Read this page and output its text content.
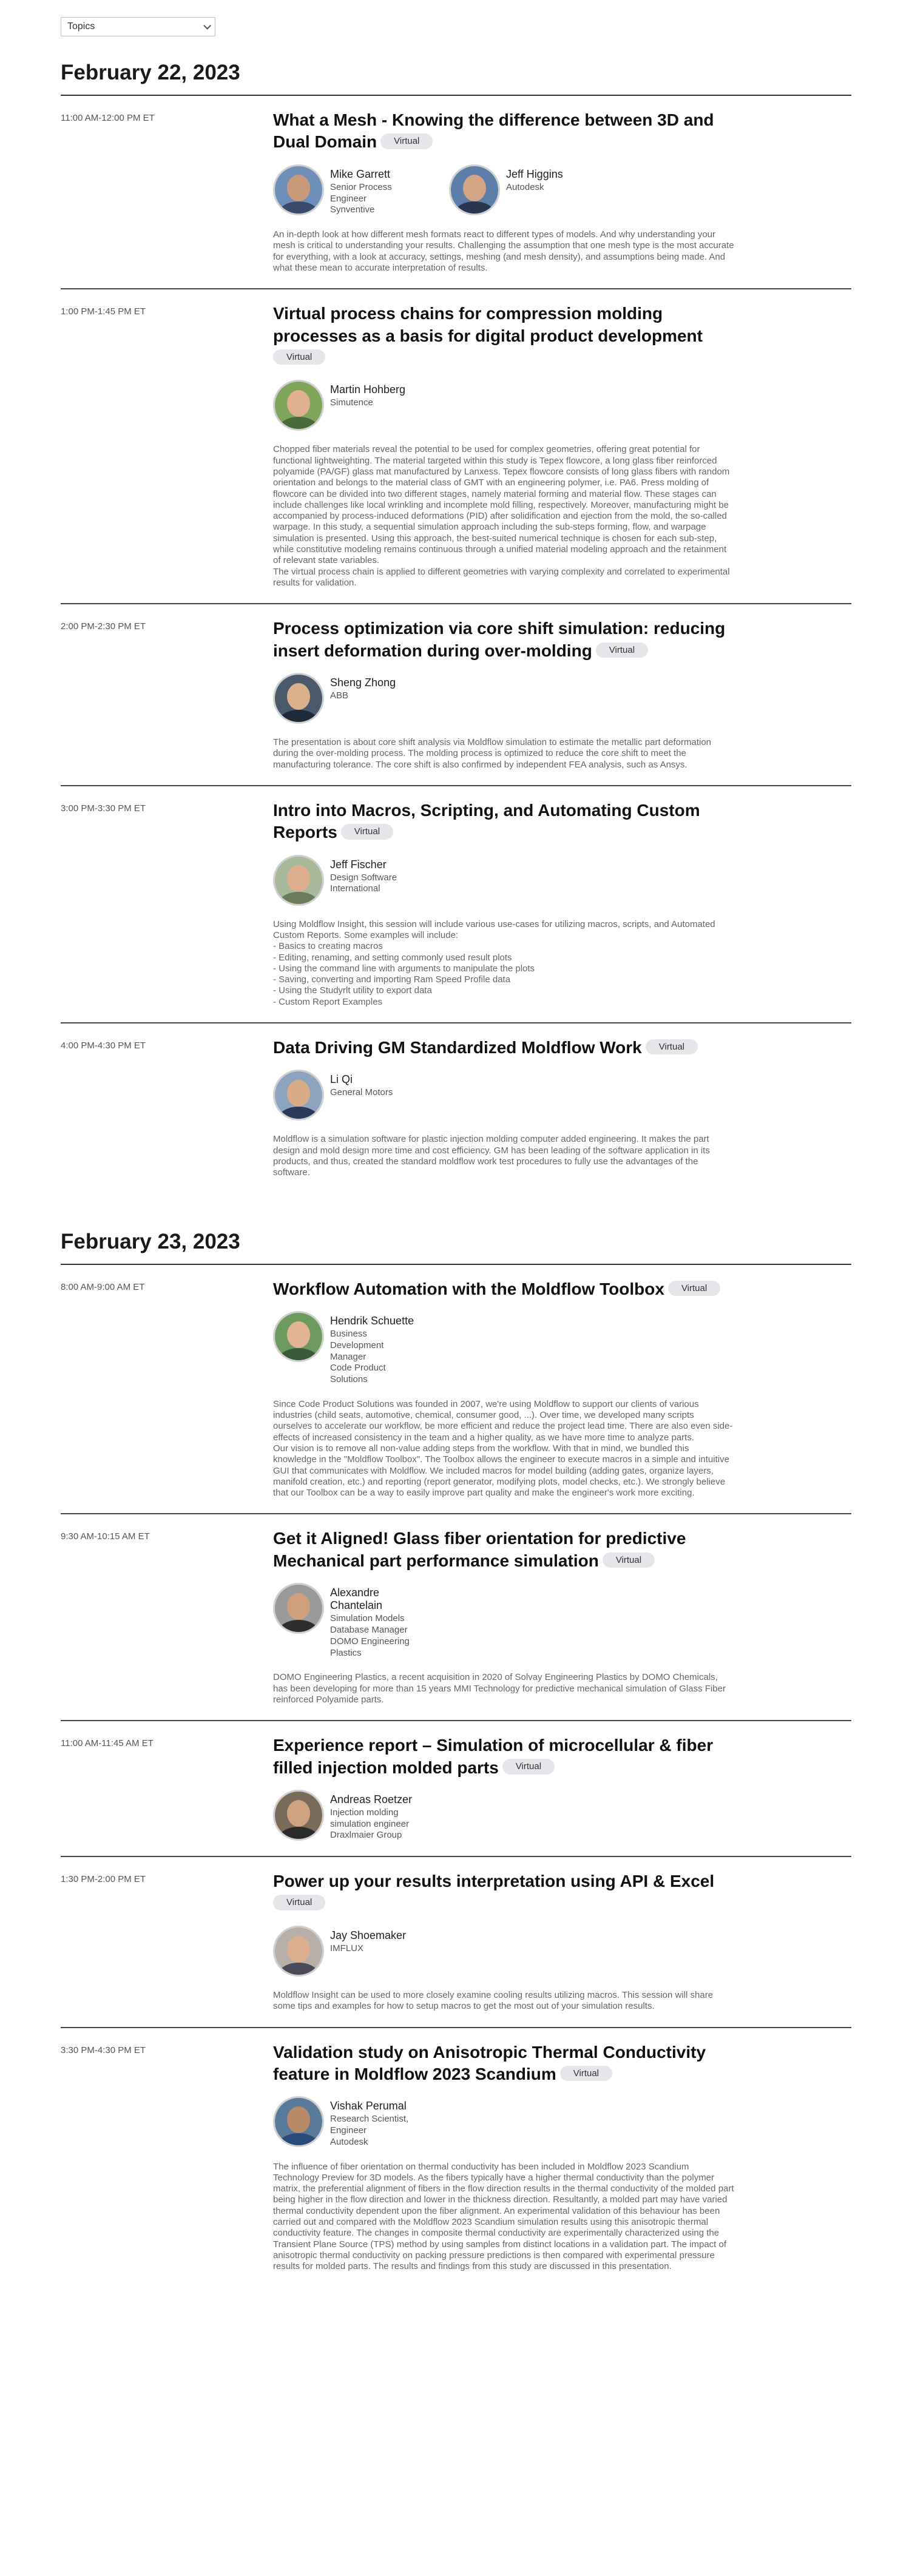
Topics
February 22, 2023
11:00 AM-12:00 PM ET	What a Mesh - Knowing the difference between 3D and Dual Domain Virtual
Mike Garrett
Senior Process
Engineer
Synventive
Jeff Higgins
Autodesk
An in-depth look at how different mesh formats react to different types of models. And why understanding your mesh is critical to understanding your results. Challenging the assumption that one mesh type is the most accurate for everything, with a look at accuracy, settings, meshing (and mesh density), and assumptions being made. And what these mean to accurate interpretation of results.
1:00 PM-1:45 PM ET	Virtual process chains for compression molding processes as a basis for digital product developmentVirtual
Martin Hohberg
Simutence
Chopped fiber materials reveal the potential to be used for complex geometries, offering great potential for functional lightweighting. The material targeted within this study is Tepex flowcore, a long glass fiber reinforced polyamide (PA/GF) glass mat manufactured by Lanxess. Tepex flowcore consists of long glass fibers with random orientation and belongs to the material class of GMT with an engineering polymer, i.e. PA6. Press molding of flowcore can be divided into two different stages, namely material forming and material flow. These stages can include challenges like local wrinkling and incomplete mold filling, respectively. Moreover, manufacturing might be accompanied by process-induced deformations (PID) after solidification and ejection from the mold, the so-called warpage. In this study, a sequential simulation approach including the sub-steps forming, flow, and warpage simulation is presented. Using this approach, the best-suited numerical technique is chosen for each sub-step, while constitutive modeling remains continuous through a unified material modeling approach and the retainment of relevant state variables.
The virtual process chain is applied to different geometries with varying complexity and correlated to experimental results for validation.
2:00 PM-2:30 PM ET	Process optimization via core shift simulation: reducing insert deformation during over-molding Virtual
Sheng Zhong
ABB
The presentation is about core shift analysis via Moldflow simulation to estimate the metallic part deformation during the over-molding process. The molding process is optimized to reduce the core shift to meet the manufacturing tolerance. The core shift is also confirmed by independent FEA analysis, such as Ansys.
3:00 PM-3:30 PM ET	Intro into Macros, Scripting, and Automating Custom Reports Virtual
Jeff Fischer
Design Software
International
Using Moldflow Insight, this session will include various use-cases for utilizing macros, scripts, and Automated Custom Reports. Some examples will include:
- Basics to creating macros
- Editing, renaming, and setting commonly used result plots
- Using the command line with arguments to manipulate the plots
- Saving, converting and importing Ram Speed Profile data
- Using the Studyrlt utility to export data
- Custom Report Examples
4:00 PM-4:30 PM ET	Data Driving GM Standardized Moldflow Work Virtual
Li Qi
General Motors
Moldflow is a simulation software for plastic injection molding computer added engineering. It makes the part design and mold design more time and cost efficiency. GM has been leading of the software application in its products, and thus, created the standard moldflow work test procedures to fully use the advantages of the software.
February 23, 2023
8:00 AM-9:00 AM ET	Workflow Automation with the Moldflow Toolbox Virtual
Hendrik Schuette
Business
Development
Manager
Code Product
Solutions
Since Code Product Solutions was founded in 2007, we're using Moldflow to support our clients of various industries (child seats, automotive, chemical, consumer good, ...). Over time, we developed many scripts ourselves to accelerate our workflow, be more efficient and reduce the project lead time. There are also even side-effects of increased consistency in the team and a higher quality, as we have more time to analyze parts.
Our vision is to remove all non-value adding steps from the workflow. With that in mind, we bundled this knowledge in the "Moldflow Toolbox". The Toolbox allows the engineer to execute macros in a simple and intuitive GUI that communicates with Moldflow. We included macros for model building (adding gates, organize layers, manifold creation, etc.) and reporting (report generator, modifying plots, model checks, etc.). We strongly believe that our Toolbox can be a way to easily improve part quality and make the engineer's work more exciting.
9:30 AM-10:15 AM ET	Get it Aligned! Glass fiber orientation for predictive Mechanical part performance simulation Virtual
Alexandre
Chantelain
Simulation Models
Database Manager
DOMO Engineering
Plastics
DOMO Engineering Plastics, a recent acquisition in 2020 of Solvay Engineering Plastics by DOMO Chemicals, has been developing for more than 15 years MMI Technology for predictive mechanical simulation of Glass Fiber reinforced Polyamide parts.
11:00 AM-11:45 AM ET	Experience report – Simulation of microcellular & fiber filled injection molded parts Virtual
Andreas Roetzer
Injection molding
simulation engineer
Draxlmaier Group
1:30 PM-2:00 PM ET	Power up your results interpretation using API & ExcelVirtual
Jay Shoemaker
IMFLUX
Moldflow Insight can be used to more closely examine cooling results utilizing macros. This session will share some tips and examples for how to setup macros to get the most out of your simulation results.
3:30 PM-4:30 PM ET	Validation study on Anisotropic Thermal Conductivity feature in Moldflow 2023 Scandium Virtual
Vishak Perumal
Research Scientist,
Engineer
Autodesk
The influence of fiber orientation on thermal conductivity has been included in Moldflow 2023 Scandium Technology Preview for 3D models. As the fibers typically have a higher thermal conductivity than the polymer matrix, the preferential alignment of fibers in the flow direction results in the thermal conductivity of the molded part being higher in the flow direction and lower in the thickness direction. Resultantly, a molded part may have varied thermal conductivity dependent upon the fiber alignment. An experimental validation of this behaviour has been carried out and compared with the Moldflow 2023 Scandium simulation results using this anisotropic thermal conductivity feature. The changes in composite thermal conductivity are experimentally characterized using the Transient Plane Source (TPS) method by using samples from distinct locations in a validation part. The impact of anisotropic thermal conductivity on packing pressure predictions is then compared with experimental pressure results for molded parts. The results and findings from this study are discussed in this presentation.
